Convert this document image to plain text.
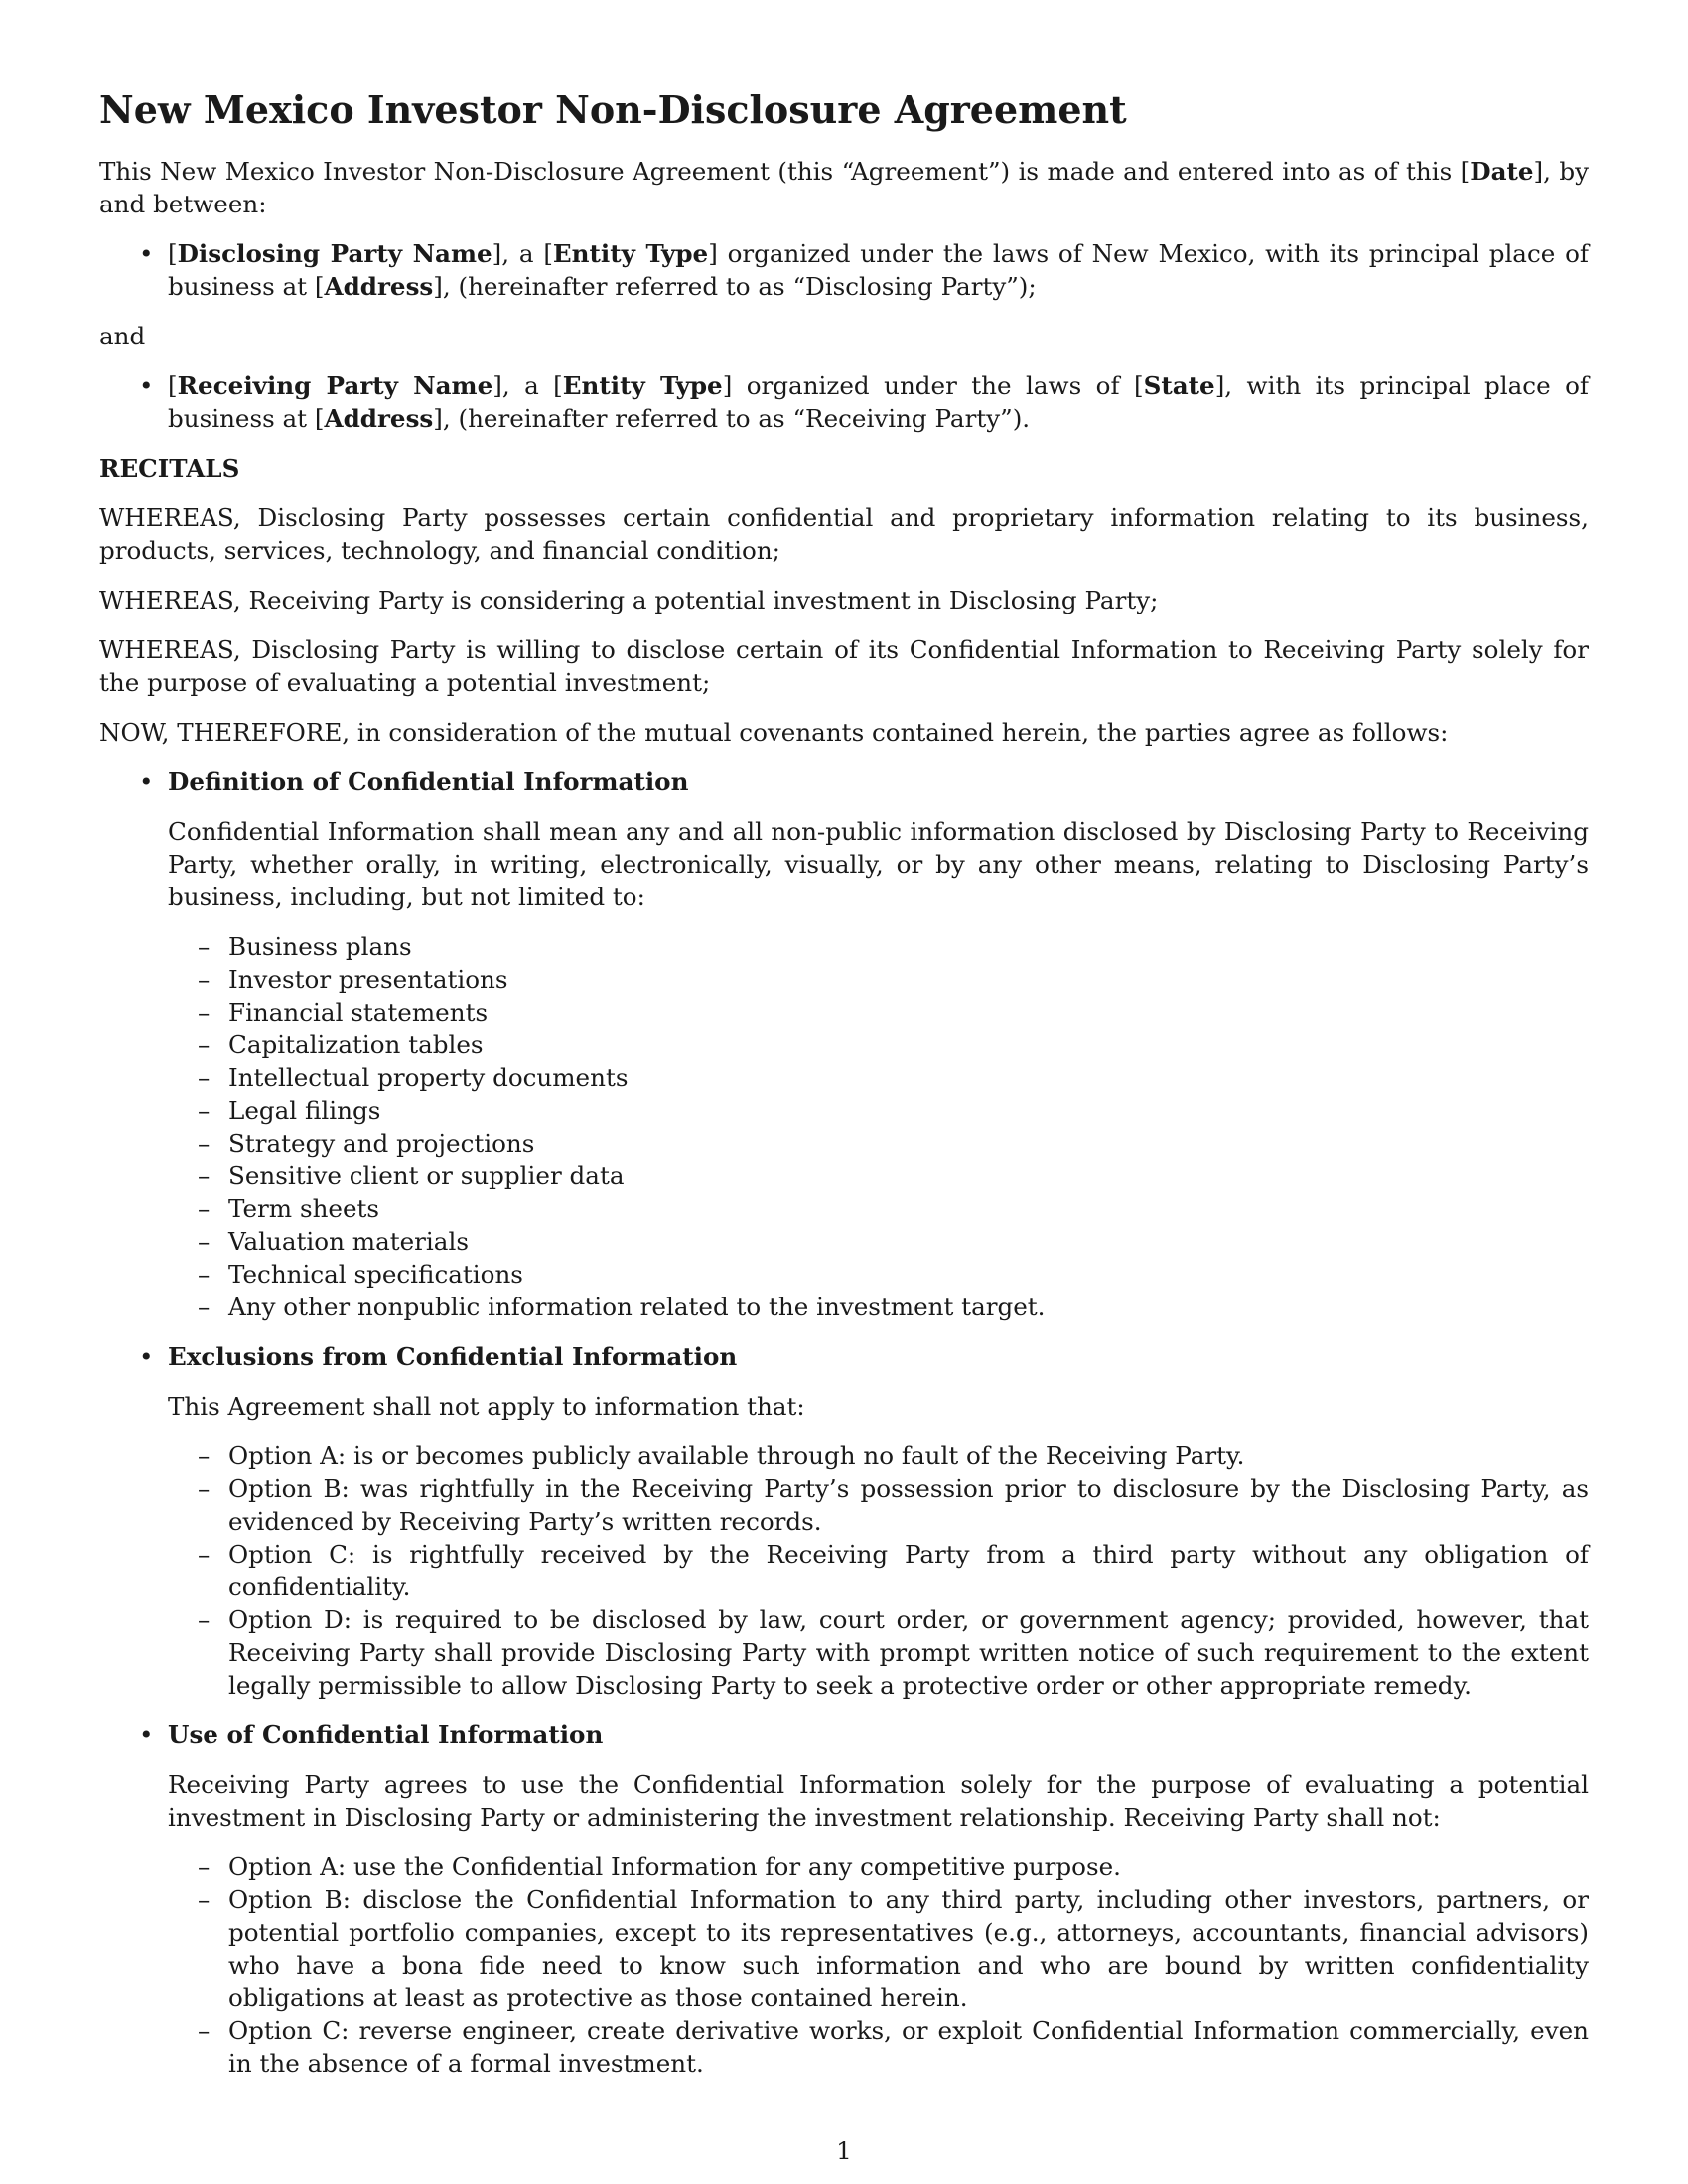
New Mexico Investor Non-Disclosure Agreement

This New Mexico Investor Non-Disclosure Agreement (this “Agreement”) is made and entered into as of this [Date], by and between:

• [Disclosing Party Name], a [Entity Type] organized under the laws of New Mexico, with its principal place of business at [Address], (hereinafter referred to as “Disclosing Party”);

and

• [Receiving Party Name], a [Entity Type] organized under the laws of [State], with its principal place of business at [Address], (hereinafter referred to as “Receiving Party”).
RECITALS

WHEREAS, Disclosing Party possesses certain confidential and proprietary information relating to its business, products, services, technology, and financial condition;

WHEREAS, Receiving Party is considering a potential investment in Disclosing Party;

WHEREAS, Disclosing Party is willing to disclose certain of its Confidential Information to Receiving Party solely for the purpose of evaluating a potential investment;

NOW, THEREFORE, in consideration of the mutual covenants contained herein, the parties agree as follows:

• Definition of Confidential Information

Confidential Information shall mean any and all non-public information disclosed by Disclosing Party to Receiving Party, whether orally, in writing, electronically, visually, or by any other means, relating to Disclosing Party’s business, including, but not limited to:

– Business plans
– Investor presentations
– Financial statements
– Capitalization tables
– Intellectual property documents
– Legal filings
– Strategy and projections
– Sensitive client or supplier data
– Term sheets
– Valuation materials
– Technical specifications
– Any other nonpublic information related to the investment target.
• Exclusions from Confidential Information

This Agreement shall not apply to information that:

– Option A: is or becomes publicly available through no fault of the Receiving Party.
– Option B: was rightfully in the Receiving Party’s possession prior to disclosure by the Disclosing Party, as evidenced by Receiving Party’s written records.
– Option C: is rightfully received by the Receiving Party from a third party without any obligation of confidentiality.
– Option D: is required to be disclosed by law, court order, or government agency; provided, however, that Receiving Party shall provide Disclosing Party with prompt written notice of such requirement to the extent legally permissible to allow Disclosing Party to seek a protective order or other appropriate remedy.
• Use of Confidential Information

Receiving Party agrees to use the Confidential Information solely for the purpose of evaluating a potential investment in Disclosing Party or administering the investment relationship. Receiving Party shall not:

– Option A: use the Confidential Information for any competitive purpose.
– Option B: disclose the Confidential Information to any third party, including other investors, partners, or potential portfolio companies, except to its representatives (e.g., attorneys, accountants, financial advisors) who have a bona fide need to know such information and who are bound by written confidentiality obligations at least as protective as those contained herein.
– Option C: reverse engineer, create derivative works, or exploit Confidential Information commercially, even in the absence of a formal investment.
1
